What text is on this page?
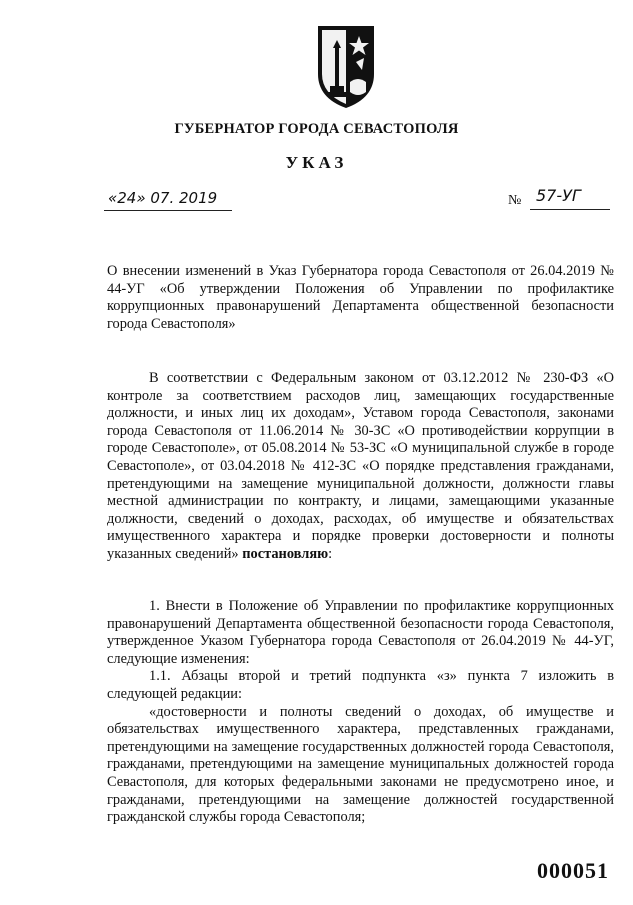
ГУБЕРНАТОР ГОРОДА СЕВАСТОПОЛЯ
УКАЗ
«24» 07. 2019	№ 57-УГ
О внесении изменений в Указ Губернатора города Севастополя от 26.04.2019 № 44-УГ «Об утверждении Положения об Управлении по профилактике коррупционных правонарушений Департамента общественной безопасности города Севастополя»
В соответствии с Федеральным законом от 03.12.2012 № 230-ФЗ «О контроле за соответствием расходов лиц, замещающих государственные должности, и иных лиц их доходам», Уставом города Севастополя, законами города Севастополя от 11.06.2014 № 30-ЗС «О противодействии коррупции в городе Севастополе», от 05.08.2014 № 53-ЗС «О муниципальной службе в городе Севастополе», от 03.04.2018 № 412-ЗС «О порядке представления гражданами, претендующими на замещение муниципальной должности, должности главы местной администрации по контракту, и лицами, замещающими указанные должности, сведений о доходах, расходах, об имуществе и обязательствах имущественного характера и порядке проверки достоверности и полноты указанных сведений» постановляю:

1. Внести в Положение об Управлении по профилактике коррупционных правонарушений Департамента общественной безопасности города Севастополя, утвержденное Указом Губернатора города Севастополя от 26.04.2019 № 44-УГ, следующие изменения:

1.1. Абзацы второй и третий подпункта «з» пункта 7 изложить в следующей редакции:

«достоверности и полноты сведений о доходах, об имуществе и обязательствах имущественного характера, представленных гражданами, претендующими на замещение государственных должностей города Севастополя, гражданами, претендующими на замещение муниципальных должностей города Севастополя, для которых федеральными законами не предусмотрено иное, и гражданами, претендующими на замещение должностей государственной гражданской службы города Севастополя;

000051
